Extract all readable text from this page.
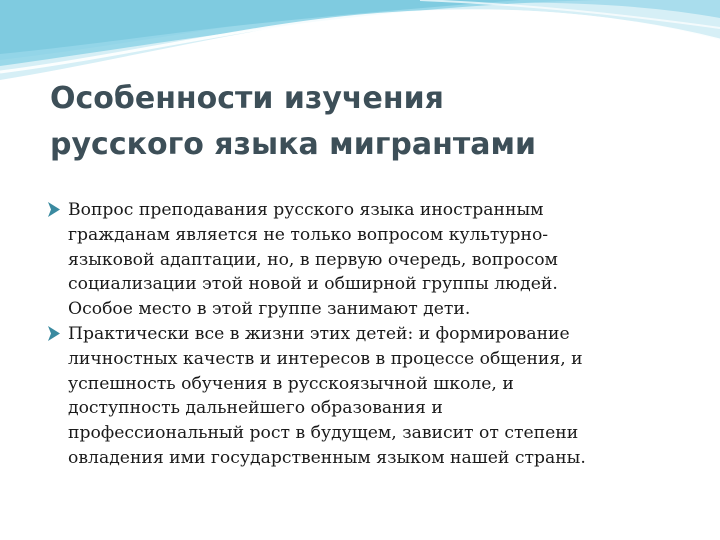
Особенности изучения
русского языка мигрантами

Вопрос преподавания русского языка иностранным
гражданам является не только вопросом культурно-
языковой адаптации, но, в первую очередь, вопросом
социализации этой новой и обширной группы людей.
Особое место в этой группе занимают дети.

Практически все в жизни этих детей: и формирование
личностных качеств и интересов в процессе общения, и
успешность обучения в русскоязычной школе, и
доступность дальнейшего образования и
профессиональный рост в будущем, зависит от степени
овладения ими государственным языком нашей страны.
